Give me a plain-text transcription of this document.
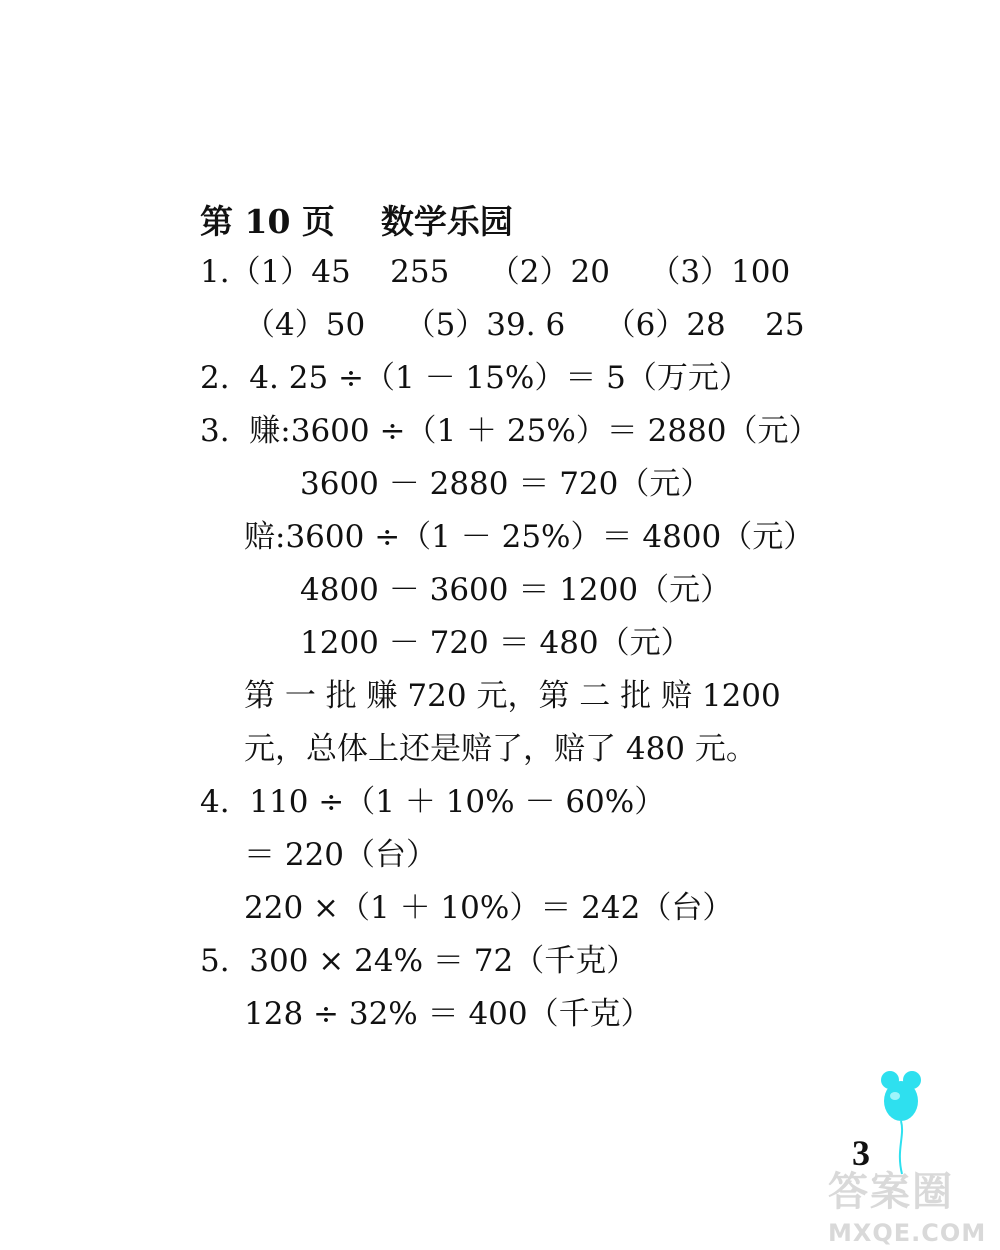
第 10 页    数学乐园
1.（1）45    255    （2）20    （3）100
（4）50    （5）39. 6    （6）28    25
2.  4. 25 ÷（1 － 15%）＝ 5（万元）
3.  赚:3600 ÷（1 ＋ 25%）＝ 2880（元）
3600 － 2880 ＝ 720（元）
赔:3600 ÷（1 － 25%）＝ 4800（元）
4800 － 3600 ＝ 1200（元）
1200 － 720 ＝ 480（元）
第 一 批 赚 720 元，第 二 批 赔 1200
元，总体上还是赔了，赔了 480 元。
4.  110 ÷（1 ＋ 10% － 60%）
＝ 220（台）
220 ×（1 ＋ 10%）＝ 242（台）
5.  300 × 24% ＝ 72（千克）
128 ÷ 32% ＝ 400（千克）
3
答案圈
MXQE.COM
